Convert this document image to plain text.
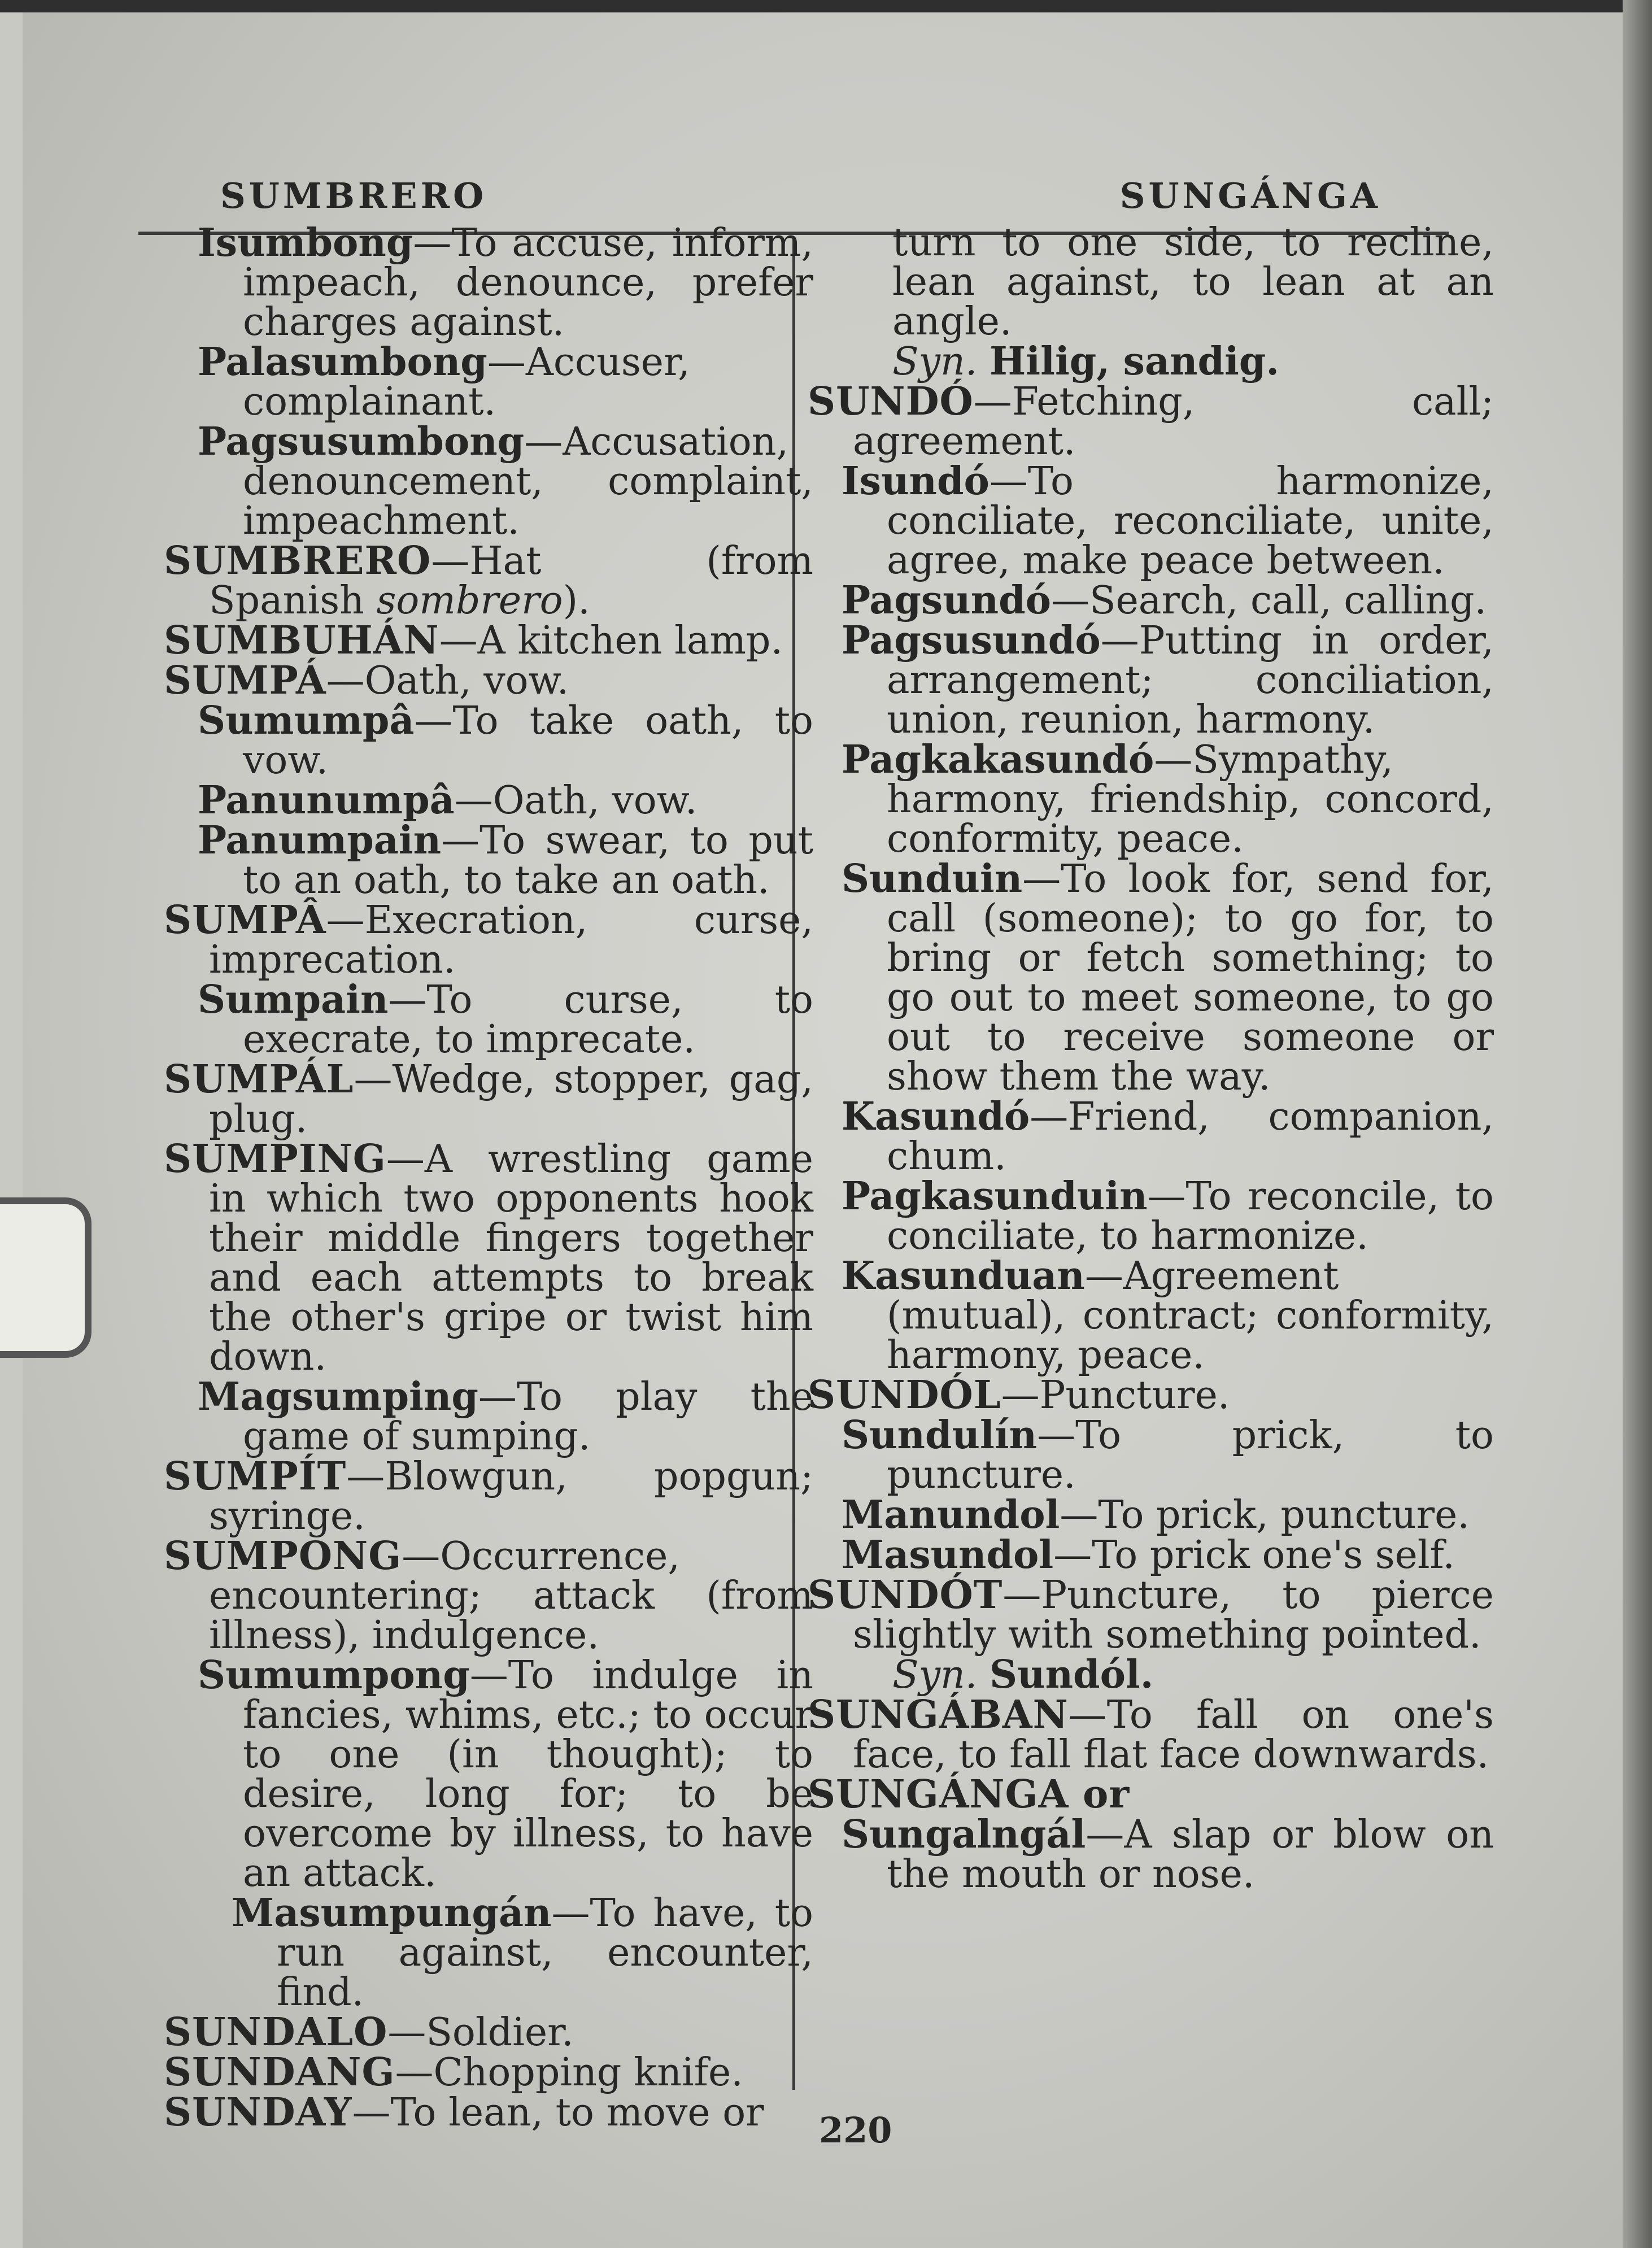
SUMBRERO	SUNGÁNGA

Isumbong—To accuse, inform, impeach, denounce, prefer charges against.

Palasumbong—Accuser, complainant.

Pagsusumbong—Accusation, denouncement, complaint, impeachment.

SUMBRERO—Hat (from Spanish sombrero).

SUMBUHÁN—A kitchen lamp.

SUMPÁ—Oath, vow.

Sumumpâ—To take oath, to vow.

Panunumpâ—Oath, vow.

Panumpain—To swear, to put to an oath, to take an oath.

SUMPÂ—Execration, curse, imprecation.

Sumpain—To curse, to execrate, to imprecate.

SUMPÁL—Wedge, stopper, gag, plug.

SUMPING—A wrestling game in which two opponents hook their middle fingers together and each attempts to break the other's gripe or twist him down.

Magsumping—To play the game of sumping.

SUMPÍT—Blowgun, popgun; syringe.

SUMPONG—Occurrence, encountering; attack (from illness), indulgence.

Sumumpong—To indulge in fancies, whims, etc.; to occur to one (in thought); to desire, long for; to be overcome by illness, to have an attack.

Masumpungán—To have, to run against, encounter, find.

SUNDALO—Soldier.

SUNDANG—Chopping knife.

SUNDAY—To lean, to move or

turn to one side, to recline, lean against, to lean at an angle.

Syn. Hilig, sandig.

SUNDÓ—Fetching, call; agreement.

Isundó—To harmonize, conciliate, reconciliate, unite, agree, make peace between.

Pagsundó—Search, call, calling.

Pagsusundó—Putting in order, arrangement; conciliation, union, reunion, harmony.

Pagkakasundó—Sympathy, harmony, friendship, concord, conformity, peace.

Sunduin—To look for, send for, call (someone); to go for, to bring or fetch something; to go out to meet someone, to go out to receive someone or show them the way.

Kasundó—Friend, companion, chum.

Pagkasunduin—To reconcile, to conciliate, to harmonize.

Kasunduan—Agreement (mutual), contract; conformity, harmony, peace.

SUNDÓL—Puncture.

Sundulín—To prick, to puncture.

Manundol—To prick, puncture.

Masundol—To prick one's self.

SUNDÓT—Puncture, to pierce slightly with something pointed.

Syn. Sundól.

SUNGÁBAN—To fall on one's face, to fall flat face downwards.

SUNGÁNGA or

Sungalngál—A slap or blow on the mouth or nose.

220
